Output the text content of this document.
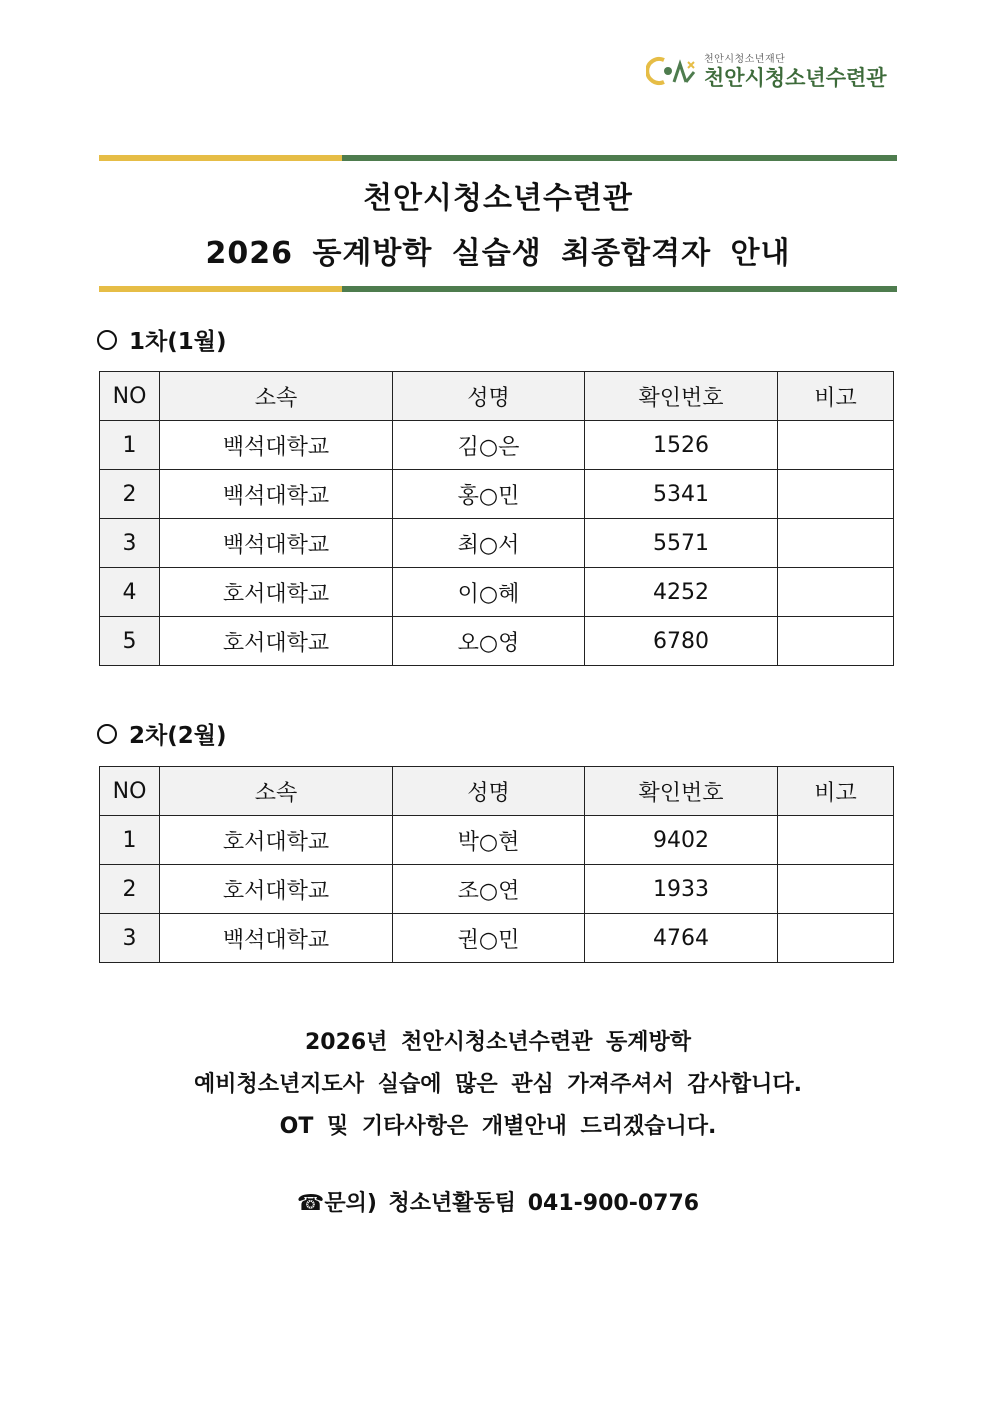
천안시청소년재단
천안시청소년수련관
천안시청소년수련관
2026 동계방학 실습생 최종합격자 안내
1차(1월)
NO	소속	성명	확인번호	비고
1	백석대학교	김○은	1526	
2	백석대학교	홍○민	5341	
3	백석대학교	최○서	5571	
4	호서대학교	이○혜	4252	
5	호서대학교	오○영	6780	
2차(2월)
NO	소속	성명	확인번호	비고
1	호서대학교	박○현	9402	
2	호서대학교	조○연	1933	
3	백석대학교	권○민	4764	
2026년 천안시청소년수련관 동계방학
예비청소년지도사 실습에 많은 관심 가져주셔서 감사합니다.
OT 및 기타사항은 개별안내 드리겠습니다.
☎문의) 청소년활동팀 041-900-0776
